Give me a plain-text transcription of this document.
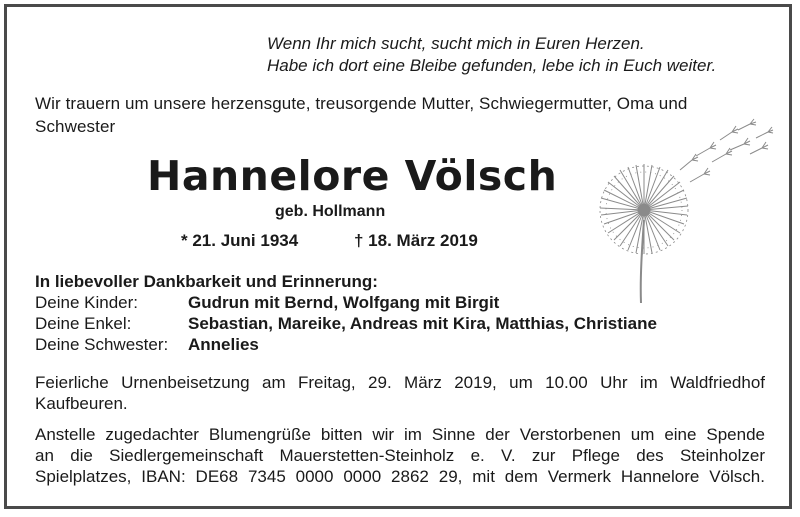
Wenn Ihr mich sucht, sucht mich in Euren Herzen.
Habe ich dort eine Bleibe gefunden, lebe ich in Euch weiter.
Wir trauern um unsere herzensgute, treusorgende Mutter, Schwiegermutter, Oma und
Schwester
Hannelore Völsch
geb. Hollmann
* 21. Juni 1934	† 18. März 2019
In liebevoller Dankbarkeit und Erinnerung:
Deine Kinder:	Gudrun mit Bernd, Wolfgang mit Birgit
Deine Enkel:	Sebastian, Mareike, Andreas mit Kira, Matthias, Christiane
Deine Schwester: Annelies
Feierliche Urnenbeisetzung am Freitag, 29. März 2019, um 10.00 Uhr im Waldfriedhof
Kaufbeuren.
Anstelle zugedachter Blumengrüße bitten wir im Sinne der Verstorbenen um eine Spende
an die Siedlergemeinschaft Mauerstetten-Steinholz e. V. zur Pflege des Steinholzer
Spielplatzes, IBAN: DE68 7345 0000 0000 2862 29, mit dem Vermerk Hannelore Völsch.
